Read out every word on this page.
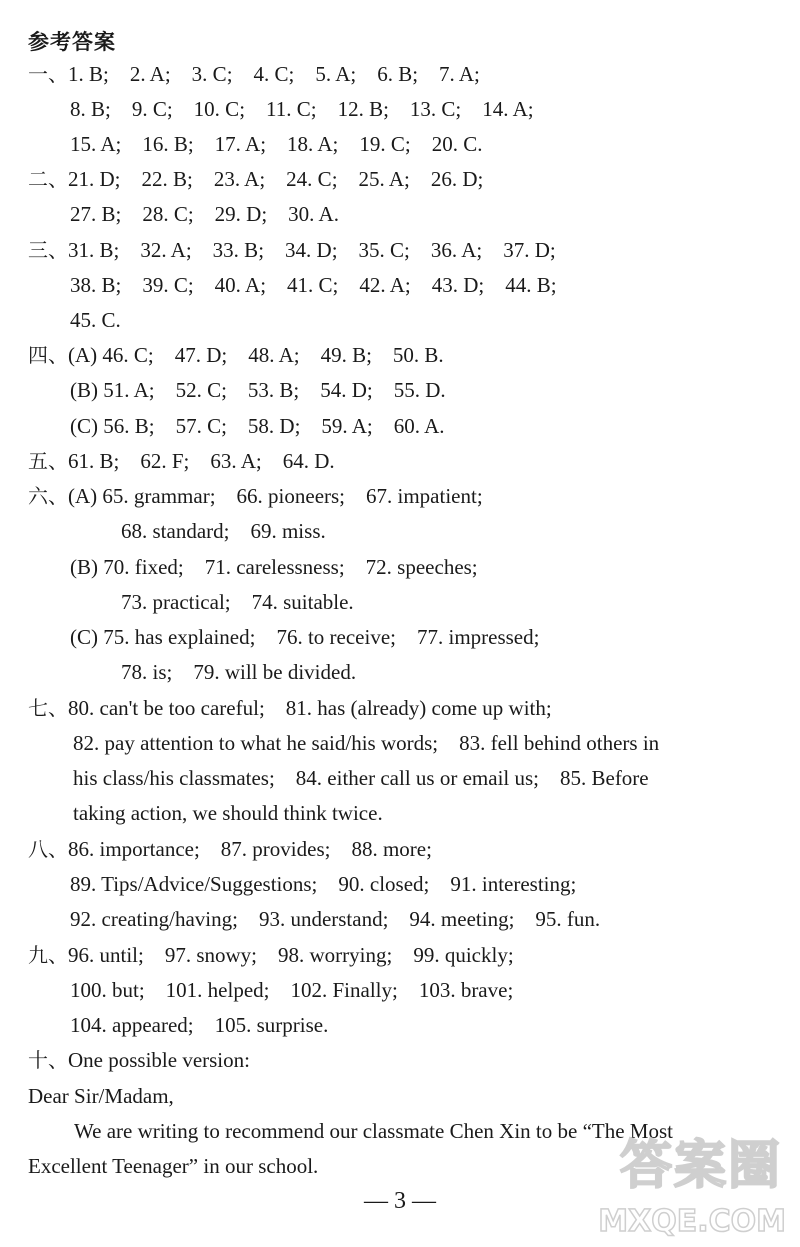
参考答案
一、1. B;    2. A;    3. C;    4. C;    5. A;    6. B;    7. A;
8. B;    9. C;    10. C;    11. C;    12. B;    13. C;    14. A;
15. A;    16. B;    17. A;    18. A;    19. C;    20. C.
二、21. D;    22. B;    23. A;    24. C;    25. A;    26. D;
27. B;    28. C;    29. D;    30. A.
三、31. B;    32. A;    33. B;    34. D;    35. C;    36. A;    37. D;
38. B;    39. C;    40. A;    41. C;    42. A;    43. D;    44. B;
45. C.
四、(A) 46. C;    47. D;    48. A;    49. B;    50. B.
(B) 51. A;    52. C;    53. B;    54. D;    55. D.
(C) 56. B;    57. C;    58. D;    59. A;    60. A.
五、61. B;    62. F;    63. A;    64. D.
六、(A) 65. grammar;    66. pioneers;    67. impatient;
68. standard;    69. miss.
(B) 70. fixed;    71. carelessness;    72. speeches;
73. practical;    74. suitable.
(C) 75. has explained;    76. to receive;    77. impressed;
78. is;    79. will be divided.
七、80. can't be too careful;    81. has (already) come up with;
82. pay attention to what he said/his words;    83. fell behind others in
his class/his classmates;    84. either call us or email us;    85. Before
taking action, we should think twice.
八、86. importance;    87. provides;    88. more;
89. Tips/Advice/Suggestions;    90. closed;    91. interesting;
92. creating/having;    93. understand;    94. meeting;    95. fun.
九、96. until;    97. snowy;    98. worrying;    99. quickly;
100. but;    101. helped;    102. Finally;    103. brave;
104. appeared;    105. surprise.
十、One possible version:
Dear Sir/Madam,
We are writing to recommend our classmate Chen Xin to be “The Most
Excellent Teenager” in our school.
— 3 —
答案圈
MXQE.COM
